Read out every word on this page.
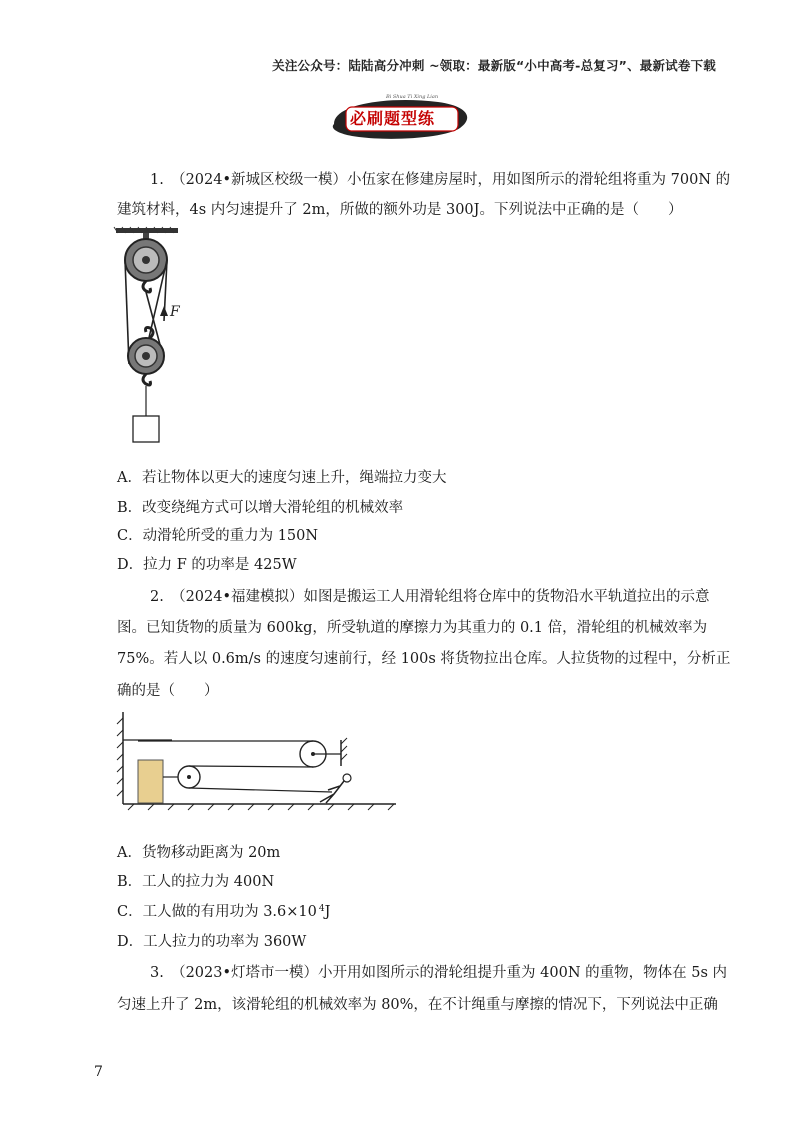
关注公众号：陆陆高分冲刺 ~领取：最新版“小中高考-总复习”、最新试卷下载
必刷题型练
Bi Shua Ti Xing Lian
1.　（2024•新城区校级一模）小伍家在修建房屋时，用如图所示的滑轮组将重为 700N 的
建筑材料，4s 内匀速提升了 2m，所做的额外功是 300J。下列说法中正确的是（　　）
F
A．若让物体以更大的速度匀速上升，绳端拉力变大
B．改变绕绳方式可以增大滑轮组的机械效率
C．动滑轮所受的重力为 150N
D．拉力 F 的功率是 425W
2.　（2024•福建模拟）如图是搬运工人用滑轮组将仓库中的货物沿水平轨道拉出的示意
图。已知货物的质量为 600kg，所受轨道的摩擦力为其重力的 0.1 倍，滑轮组的机械效率为
75%。若人以 0.6m/s 的速度匀速前行，经 100s 将货物拉出仓库。人拉货物的过程中，分析正
确的是（　　）
A．货物移动距离为 20m
B．工人的拉力为 400N
C．工人做的有用功为 3.6×10 $^4$J
D．工人拉力的功率为 360W
3.　（2023•灯塔市一模）小开用如图所示的滑轮组提升重为 400N 的重物，物体在 5s 内
匀速上升了 2m，该滑轮组的机械效率为 80%，在不计绳重与摩擦的情况下，下列说法中正确
7
